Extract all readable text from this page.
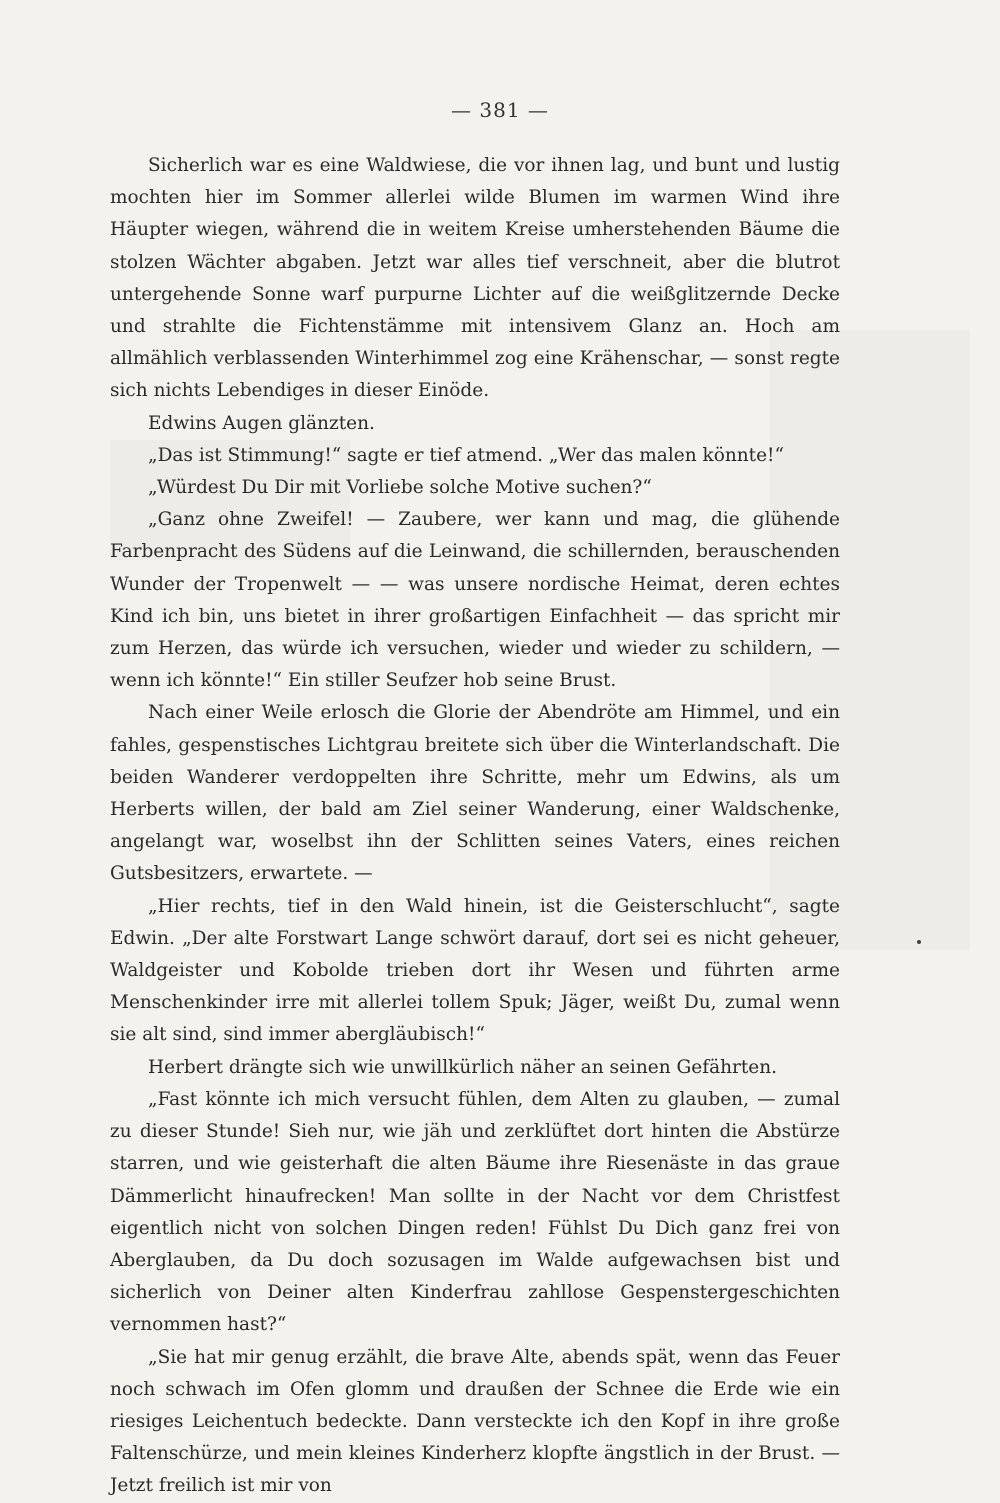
— 381 —

Sicherlich war es eine Waldwiese, die vor ihnen lag, und bunt und lustig mochten hier im Sommer allerlei wilde Blumen im warmen Wind ihre Häupter wiegen, während die in weitem Kreise umherstehenden Bäume die stolzen Wächter abgaben. Jetzt war alles tief verschneit, aber die blutrot untergehende Sonne warf purpurne Lichter auf die weißglitzernde Decke und strahlte die Fichtenstämme mit intensivem Glanz an. Hoch am allmählich verblassenden Winterhimmel zog eine Krähenschar, — sonst regte sich nichts Lebendiges in dieser Einöde.

Edwins Augen glänzten.

„Das ist Stimmung!“ sagte er tief atmend. „Wer das malen könnte!“

„Würdest Du Dir mit Vorliebe solche Motive suchen?“

„Ganz ohne Zweifel! — Zaubere, wer kann und mag, die glühende Farbenpracht des Südens auf die Leinwand, die schillernden, berauschenden Wunder der Tropenwelt — — was unsere nordische Heimat, deren echtes Kind ich bin, uns bietet in ihrer großartigen Einfachheit — das spricht mir zum Herzen, das würde ich versuchen, wieder und wieder zu schildern, — wenn ich könnte!“ Ein stiller Seufzer hob seine Brust.

Nach einer Weile erlosch die Glorie der Abendröte am Himmel, und ein fahles, gespenstisches Lichtgrau breitete sich über die Winterlandschaft. Die beiden Wanderer verdoppelten ihre Schritte, mehr um Edwins, als um Herberts willen, der bald am Ziel seiner Wanderung, einer Waldschenke, angelangt war, woselbst ihn der Schlitten seines Vaters, eines reichen Gutsbesitzers, erwartete. —

„Hier rechts, tief in den Wald hinein, ist die Geisterschlucht“, sagte Edwin. „Der alte Forstwart Lange schwört darauf, dort sei es nicht geheuer, Waldgeister und Kobolde trieben dort ihr Wesen und führten arme Menschenkinder irre mit allerlei tollem Spuk; Jäger, weißt Du, zumal wenn sie alt sind, sind immer abergläubisch!“

Herbert drängte sich wie unwillkürlich näher an seinen Gefährten.

„Fast könnte ich mich versucht fühlen, dem Alten zu glauben, — zumal zu dieser Stunde! Sieh nur, wie jäh und zerklüftet dort hinten die Abstürze starren, und wie geisterhaft die alten Bäume ihre Riesenäste in das graue Dämmerlicht hinaufrecken! Man sollte in der Nacht vor dem Christfest eigentlich nicht von solchen Dingen reden! Fühlst Du Dich ganz frei von Aberglauben, da Du doch sozusagen im Walde aufgewachsen bist und sicherlich von Deiner alten Kinderfrau zahllose Gespenstergeschichten vernommen hast?“

„Sie hat mir genug erzählt, die brave Alte, abends spät, wenn das Feuer noch schwach im Ofen glomm und draußen der Schnee die Erde wie ein riesiges Leichentuch bedeckte. Dann versteckte ich den Kopf in ihre große Faltenschürze, und mein kleines Kinderherz klopfte ängstlich in der Brust. — Jetzt freilich ist mir von
